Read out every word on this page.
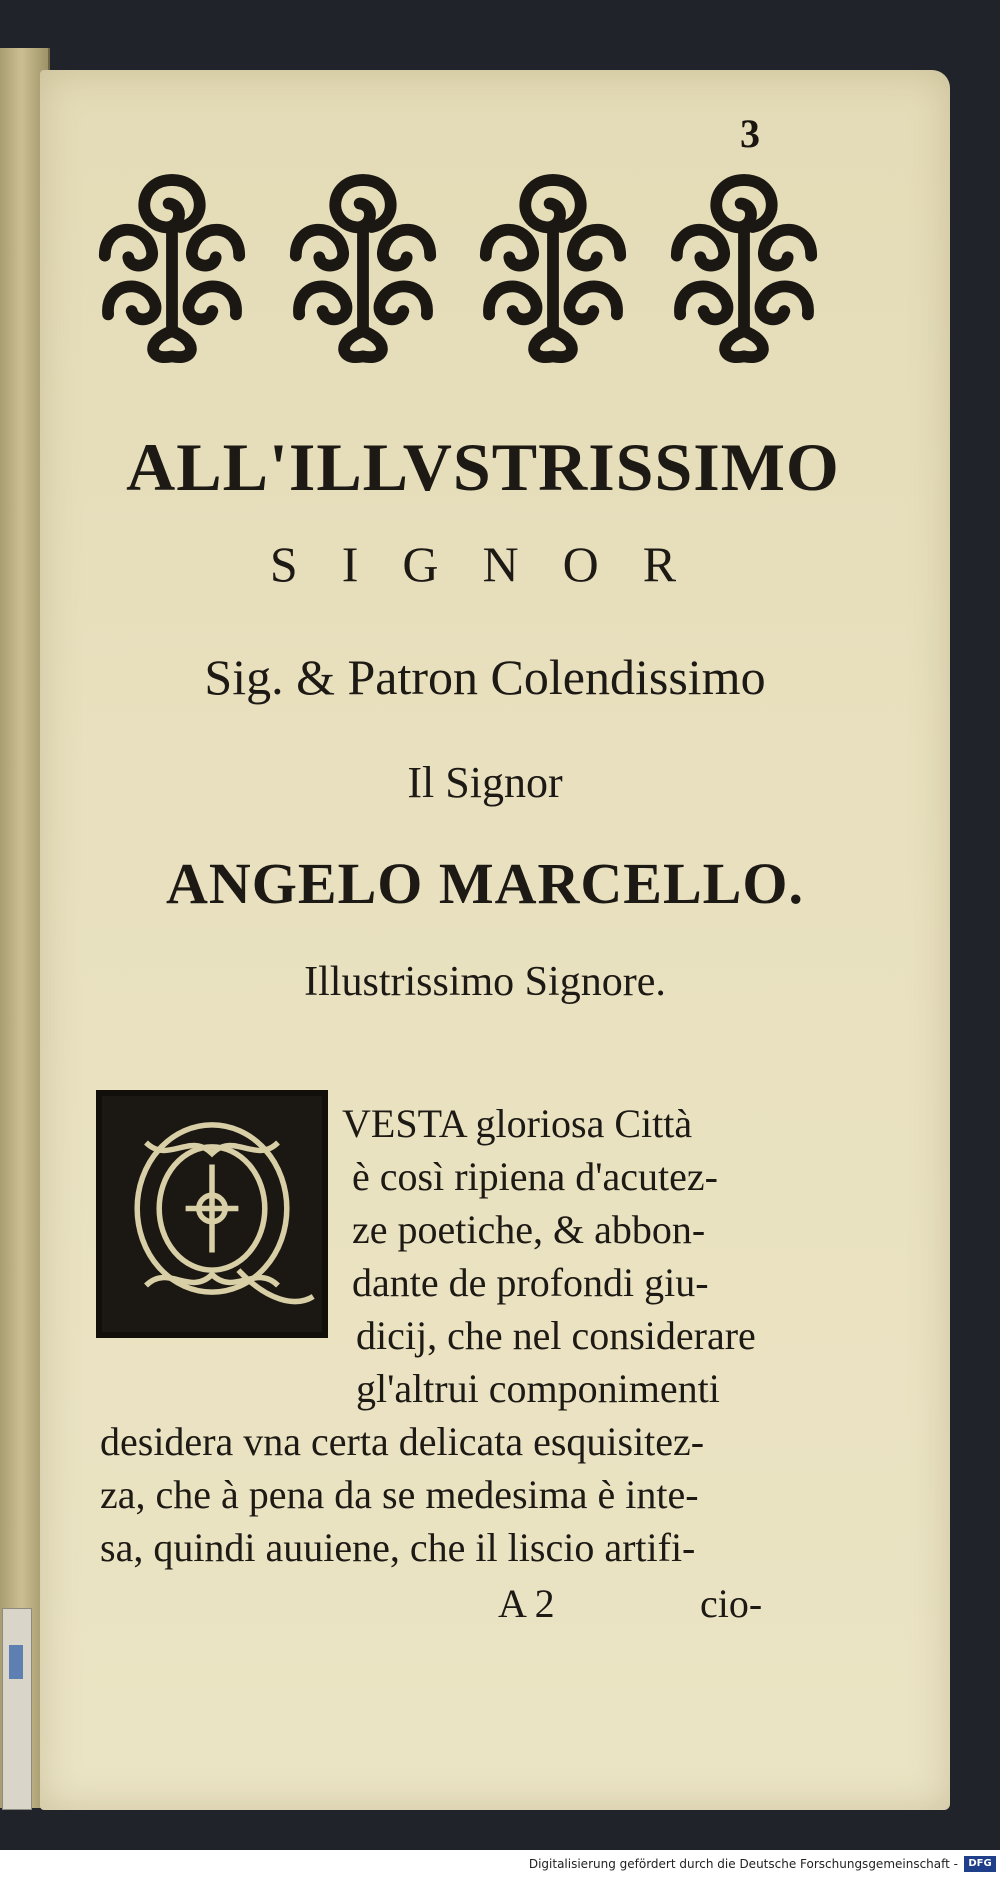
3
ALL'ILLVSTRISSIMO
SIGNOR
Sig. & Patron Colendissimo
Il Signor
ANGELO MARCELLO.
Illustrissimo Signore.
VESTA gloriosa Città
è così ripiena d'acutez-
ze poetiche, & abbon-
dante de profondi giu-
dicij, che nel considerare
gl'altrui componimenti
desidera vna certa delicata esquisitez-
za, che à pena da se medesima è inte-
sa, quindi auuiene, che il liscio artifi-
A 2	cio-
Digitalisierung gefördert durch die Deutsche Forschungsgemeinschaft -	DFG
